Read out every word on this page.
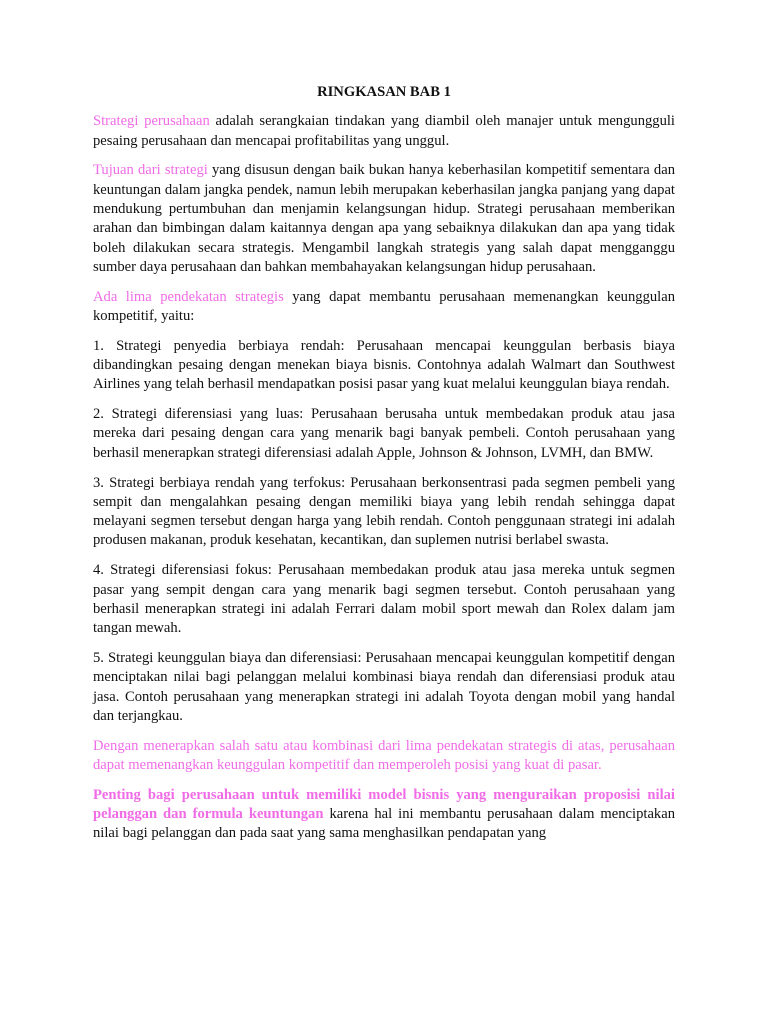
RINGKASAN BAB 1

Strategi perusahaan adalah serangkaian tindakan yang diambil oleh manajer untuk mengungguli pesaing perusahaan dan mencapai profitabilitas yang unggul.

Tujuan dari strategi yang disusun dengan baik bukan hanya keberhasilan kompetitif sementara dan keuntungan dalam jangka pendek, namun lebih merupakan keberhasilan jangka panjang yang dapat mendukung pertumbuhan dan menjamin kelangsungan hidup. Strategi perusahaan memberikan arahan dan bimbingan dalam kaitannya dengan apa yang sebaiknya dilakukan dan apa yang tidak boleh dilakukan secara strategis. Mengambil langkah strategis yang salah dapat mengganggu sumber daya perusahaan dan bahkan membahayakan kelangsungan hidup perusahaan.

Ada lima pendekatan strategis yang dapat membantu perusahaan memenangkan keunggulan kompetitif, yaitu:

1. Strategi penyedia berbiaya rendah: Perusahaan mencapai keunggulan berbasis biaya dibandingkan pesaing dengan menekan biaya bisnis. Contohnya adalah Walmart dan Southwest Airlines yang telah berhasil mendapatkan posisi pasar yang kuat melalui keunggulan biaya rendah.

2. Strategi diferensiasi yang luas: Perusahaan berusaha untuk membedakan produk atau jasa mereka dari pesaing dengan cara yang menarik bagi banyak pembeli. Contoh perusahaan yang berhasil menerapkan strategi diferensiasi adalah Apple, Johnson & Johnson, LVMH, dan BMW.

3. Strategi berbiaya rendah yang terfokus: Perusahaan berkonsentrasi pada segmen pembeli yang sempit dan mengalahkan pesaing dengan memiliki biaya yang lebih rendah sehingga dapat melayani segmen tersebut dengan harga yang lebih rendah. Contoh penggunaan strategi ini adalah produsen makanan, produk kesehatan, kecantikan, dan suplemen nutrisi berlabel swasta.

4. Strategi diferensiasi fokus: Perusahaan membedakan produk atau jasa mereka untuk segmen pasar yang sempit dengan cara yang menarik bagi segmen tersebut. Contoh perusahaan yang berhasil menerapkan strategi ini adalah Ferrari dalam mobil sport mewah dan Rolex dalam jam tangan mewah.

5. Strategi keunggulan biaya dan diferensiasi: Perusahaan mencapai keunggulan kompetitif dengan menciptakan nilai bagi pelanggan melalui kombinasi biaya rendah dan diferensiasi produk atau jasa. Contoh perusahaan yang menerapkan strategi ini adalah Toyota dengan mobil yang handal dan terjangkau.

Dengan menerapkan salah satu atau kombinasi dari lima pendekatan strategis di atas, perusahaan dapat memenangkan keunggulan kompetitif dan memperoleh posisi yang kuat di pasar.

Penting bagi perusahaan untuk memiliki model bisnis yang menguraikan proposisi nilai pelanggan dan formula keuntungan karena hal ini membantu perusahaan dalam menciptakan nilai bagi pelanggan dan pada saat yang sama menghasilkan pendapatan yang
